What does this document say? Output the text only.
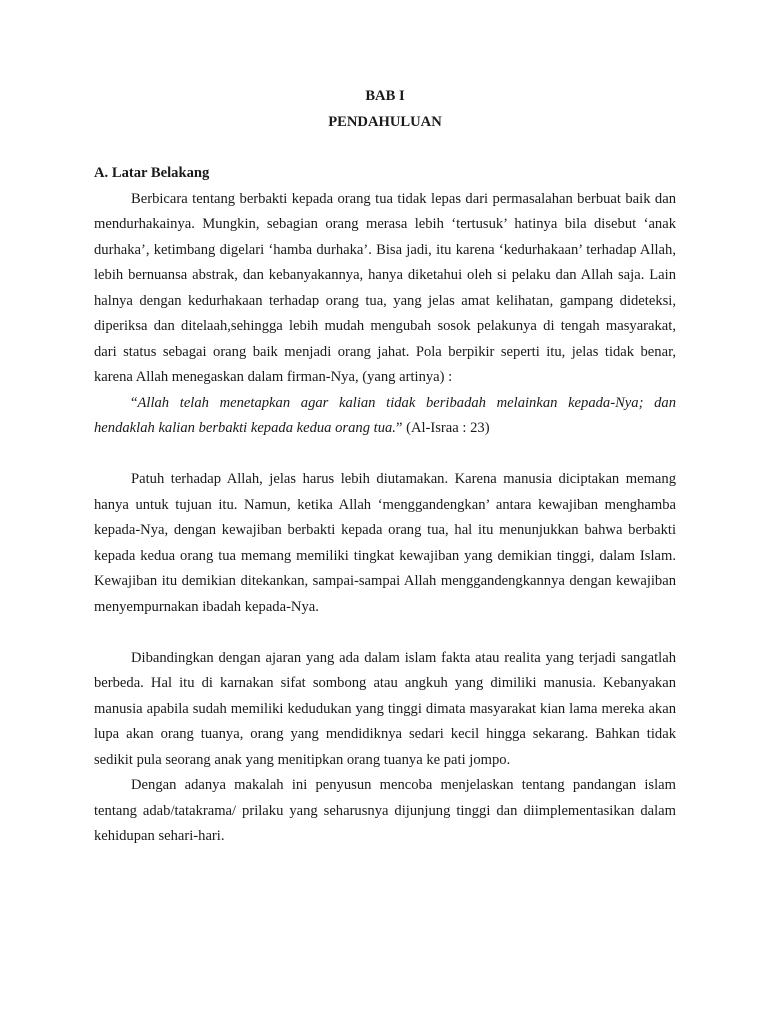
BAB I
PENDAHULUAN
A. Latar Belakang

Berbicara tentang berbakti kepada orang tua tidak lepas dari permasalahan berbuat baik dan mendurhakainya. Mungkin, sebagian orang merasa lebih ‘tertusuk’ hatinya bila disebut ‘anak durhaka’, ketimbang digelari ‘hamba durhaka’. Bisa jadi, itu karena ‘kedurhakaan’ terhadap Allah, lebih bernuansa abstrak, dan kebanyakannya, hanya diketahui oleh si pelaku dan Allah saja. Lain halnya dengan kedurhakaan terhadap orang tua, yang jelas amat kelihatan, gampang dideteksi, diperiksa dan ditelaah,sehingga lebih mudah mengubah sosok pelakunya di tengah masyarakat, dari status sebagai orang baik menjadi orang jahat. Pola berpikir seperti itu, jelas tidak benar, karena Allah menegaskan dalam firman-Nya, (yang artinya) :

“Allah telah menetapkan agar kalian tidak beribadah melainkan kepada-Nya; dan hendaklah kalian berbakti kepada kedua orang tua.” (Al-Israa : 23)

Patuh terhadap Allah, jelas harus lebih diutamakan. Karena manusia diciptakan memang hanya untuk tujuan itu. Namun, ketika Allah ‘menggandengkan’ antara kewajiban menghamba kepada-Nya, dengan kewajiban berbakti kepada orang tua, hal itu menunjukkan bahwa berbakti kepada kedua orang tua memang memiliki tingkat kewajiban yang demikian tinggi, dalam Islam. Kewajiban itu demikian ditekankan, sampai-sampai Allah menggandengkannya dengan kewajiban menyempurnakan ibadah kepada-Nya.

Dibandingkan dengan ajaran yang ada dalam islam fakta atau realita yang terjadi sangatlah berbeda. Hal itu di karnakan sifat sombong atau angkuh yang dimiliki manusia. Kebanyakan manusia apabila sudah memiliki kedudukan yang tinggi dimata masyarakat kian lama mereka akan lupa akan orang tuanya, orang yang mendidiknya sedari kecil hingga sekarang. Bahkan tidak sedikit pula seorang anak yang menitipkan orang tuanya ke pati jompo.

Dengan adanya makalah ini penyusun mencoba menjelaskan tentang pandangan islam tentang adab/tatakrama/ prilaku yang seharusnya dijunjung tinggi dan diimplementasikan dalam kehidupan sehari-hari.
